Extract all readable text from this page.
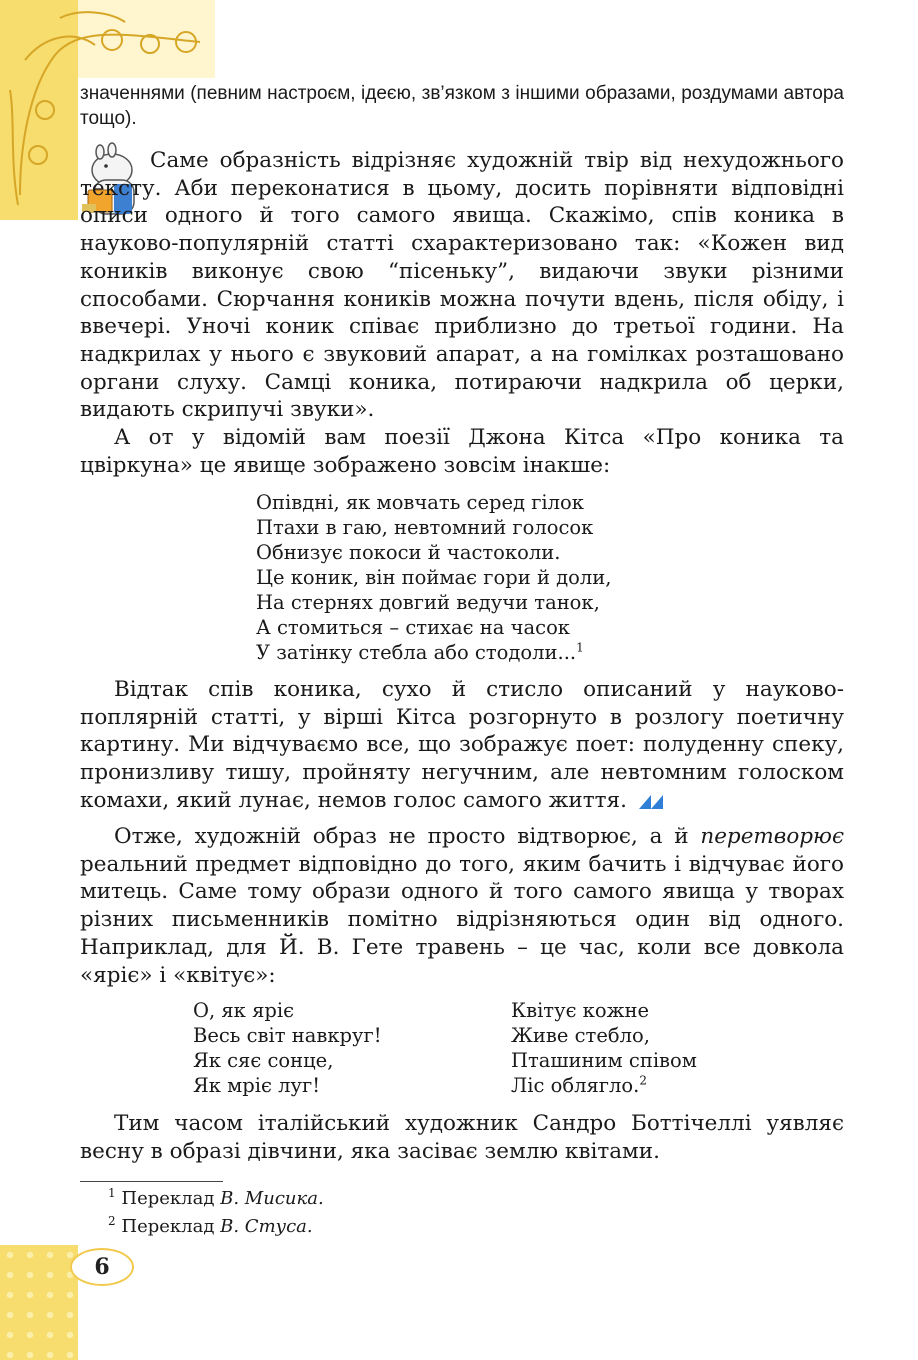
значеннями (певним настроєм, ідеєю, зв’язком з іншими образами, роздумами автора тощо).

Саме образність відрізняє художній твір від нехудожнього тексту. Аби переконатися в цьому, досить порівняти відповідні описи одного й того самого явища. Скажімо, спів коника в науково-популярній статті схарактеризовано так: «Кожен вид коників виконує свою “пісеньку”, видаючи звуки різними способами. Сюрчання коників можна почути вдень, після обіду, і ввечері. Уночі коник співає приблизно до третьої години. На надкрилах у нього є звуковий апарат, а на гомілках розташовано органи слуху. Самці коника, потираючи надкрила об церки, видають скрипучі звуки».

А от у відомій вам поезії Джона Кітса «Про коника та цвіркуна» це явище зображено зовсім інакше:

Опівдні, як мовчать серед гілок
Птахи в гаю, невтомний голосок
Обнизує покоси й частоколи.
Це коник, він поймає гори й доли,
На стернях довгий ведучи танок,
А стомиться – стихає на часок
У затінку стебла або стодоли...$^1$

Відтак спів коника, сухо й стисло описаний у науковопоплярній статті, у вірші Кітса розгорнуто в розлогу поетичну картину. Ми відчуваємо все, що зображує поет: полуденну спеку, пронизливу тишу, пройняту негучним, але невтомним голоском комахи, який лунає, немов голос самого життя.

Отже, художній образ не просто відтворює, а й перетворює реальний предмет відповідно до того, яким бачить і відчуває його митець. Саме тому образи одного й того самого явища у творах різних письменників помітно відрізняються один від одного. Наприклад, для Й. В. Гете травень – це час, коли все довкола «яріє» і «квітує»:

О, як яріє
Весь світ навкруг!
Як сяє сонце,
Як мріє луг!
Квітує кожне
Живе стебло,
Пташиним співом
Ліс облягло.$^2$

Тим часом італійський художник Сандро Боттічеллі уявляє весну в образі дівчини, яка засіває землю квітами.

$^1$ Переклад В. Мисика.
$^2$ Переклад В. Стуса.
6
